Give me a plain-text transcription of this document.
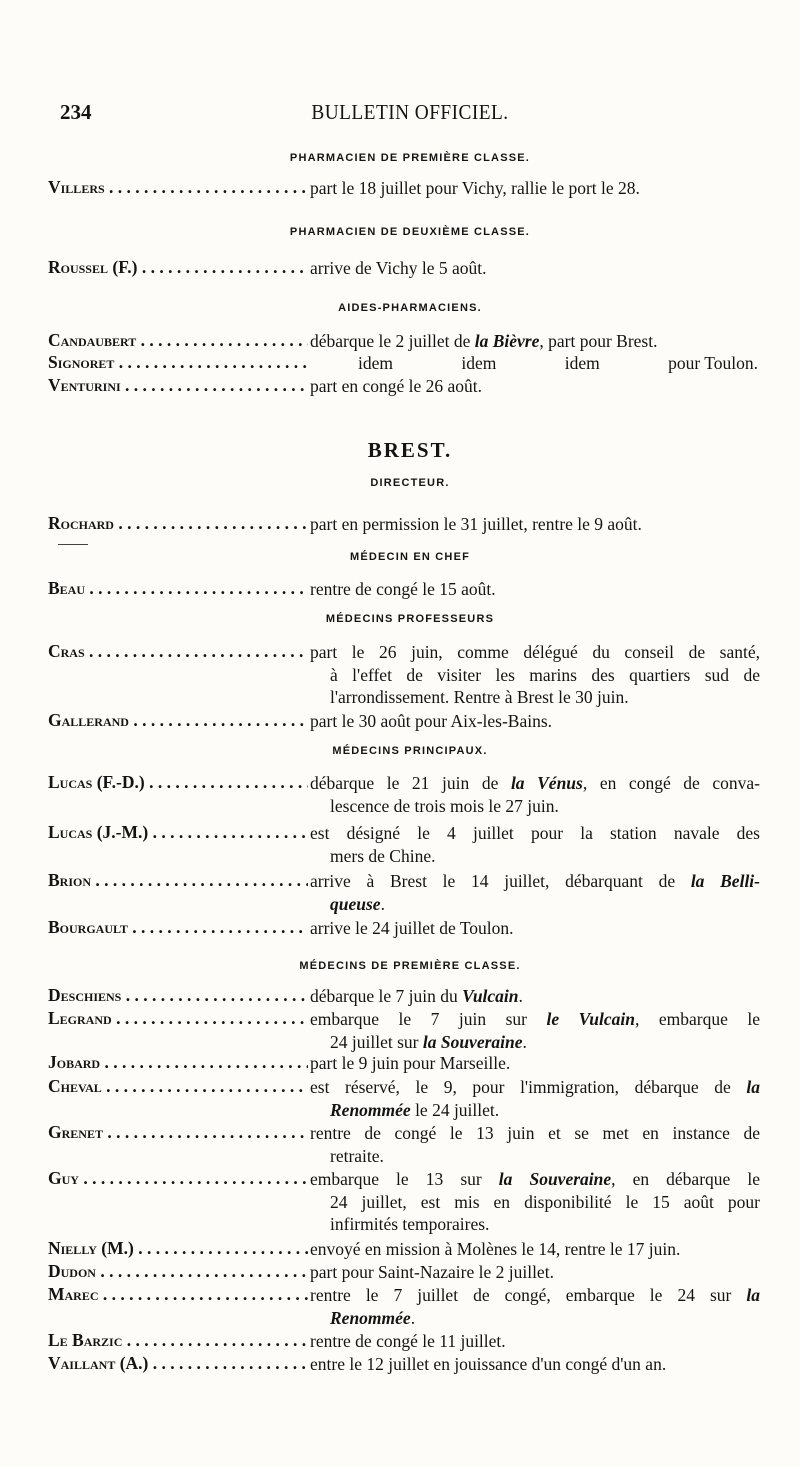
234	BULLETIN OFFICIEL.
PHARMACIEN DE PREMIÈRE CLASSE.
Villers . . .	part le 18 juillet pour Vichy, rallie le port le 28.
PHARMACIEN DE DEUXIÈME CLASSE.
Roussel (F.) . . .	arrive de Vichy le 5 août.
AIDES-PHARMACIENS.
Candaubert . . .	débarque le 2 juillet de la Bièvre, part pour Brest.
Signoret . . .	idem	idem	idem	pour Toulon.
Venturini . . .	part en congé le 26 août.
BREST.
DIRECTEUR.
Rochard . . .	part en permission le 31 juillet, rentre le 9 août.
MÉDECIN EN CHEF
Beau . . .	rentre de congé le 15 août.
MÉDECINS PROFESSEURS
Cras . . .	part le 26 juin, comme délégué du conseil de santé,
à l'effet de visiter les marins des quartiers sud de
l'arrondissement. Rentre à Brest le 30 juin.
Gallerand . . .	part le 30 août pour Aix-les-Bains.
MÉDECINS PRINCIPAUX.
Lucas (F.-D.) . . .	débarque le 21 juin de la Vénus, en congé de conva-
lescence de trois mois le 27 juin.
Lucas (J.-M.) . . .	est désigné le 4 juillet pour la station navale des
mers de Chine.
Brion . . .	arrive à Brest le 14 juillet, débarquant de la Belli-
queuse.
Bourgault . . .	arrive le 24 juillet de Toulon.
MÉDECINS DE PREMIÈRE CLASSE.
Deschiens . . .	débarque le 7 juin du Vulcain.
Legrand . . .	embarque le 7 juin sur le Vulcain, embarque le
24 juillet sur la Souveraine.
Jobard . . .	part le 9 juin pour Marseille.
Cheval . . .	est réservé, le 9, pour l'immigration, débarque de la
Renommée le 24 juillet.
Grenet . . .	rentre de congé le 13 juin et se met en instance de
retraite.
Guy . . .	embarque le 13 sur la Souveraine, en débarque le
24 juillet, est mis en disponibilité le 15 août pour
infirmités temporaires.
Nielly (M.) . . .	envoyé en mission à Molènes le 14, rentre le 17 juin.
Dudon . . .	part pour Saint-Nazaire le 2 juillet.
Marec . . .	rentre le 7 juillet de congé, embarque le 24 sur la
Renommée.
Le Barzic . . .	rentre de congé le 11 juillet.
Vaillant (A.) . . .	entre le 12 juillet en jouissance d'un congé d'un an.
